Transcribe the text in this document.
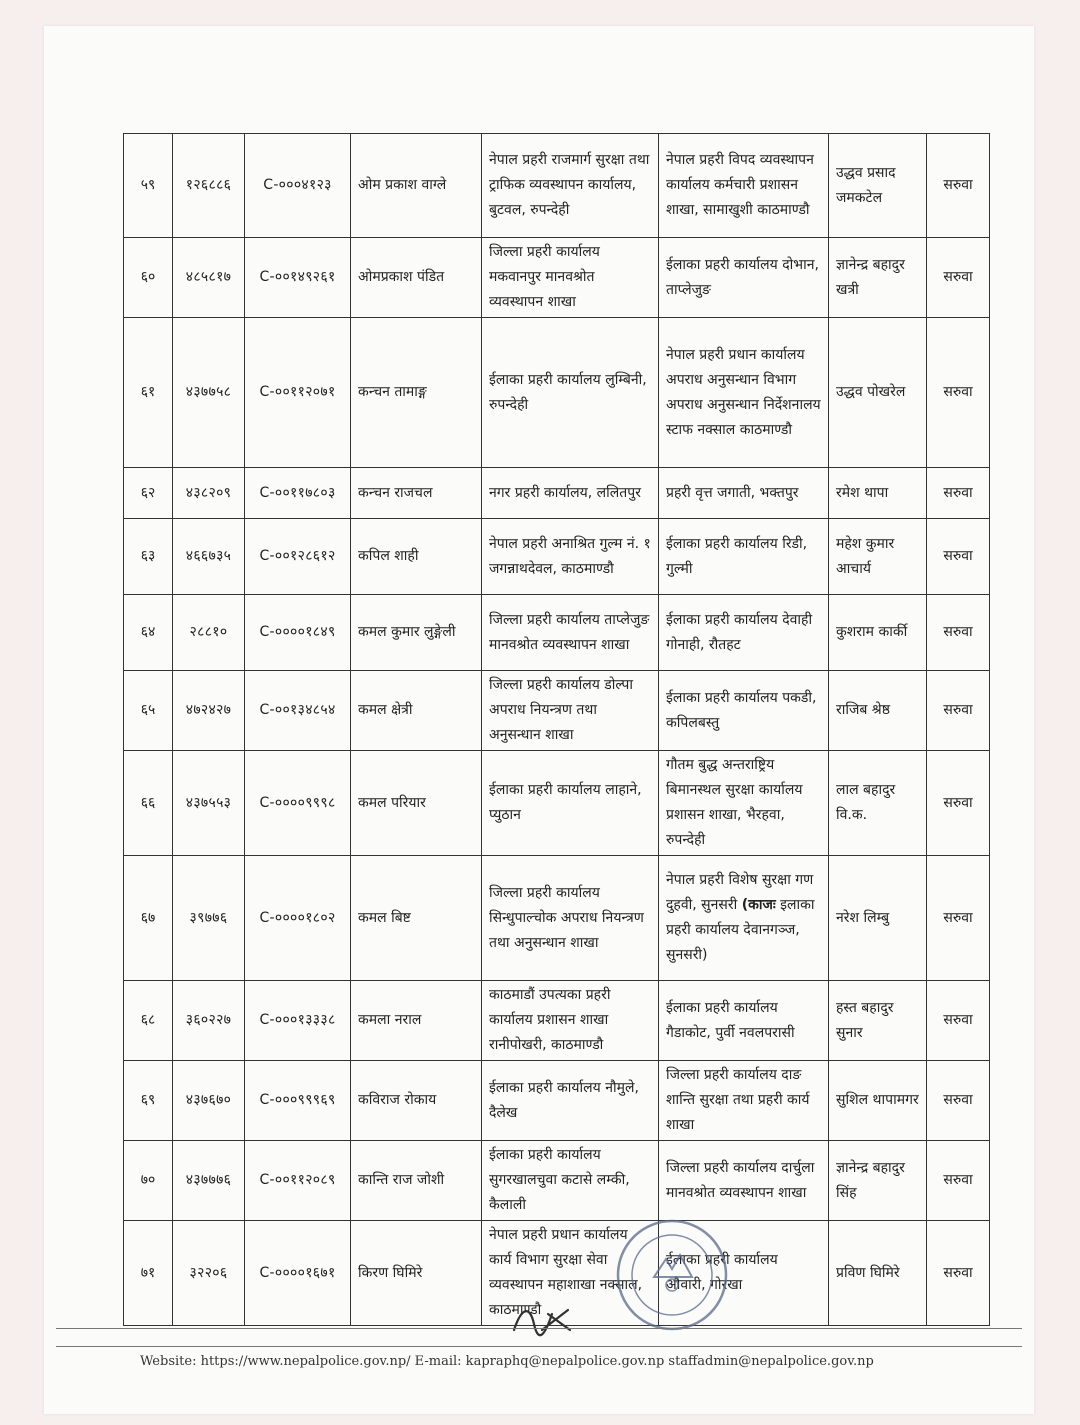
५९	१२६८८६	C-०००४१२३	ओम प्रकाश वाग्ले	नेपाल प्रहरी राजमार्ग सुरक्षा तथा ट्राफिक व्यवस्थापन कार्यालय, बुटवल, रुपन्देही	नेपाल प्रहरी विपद व्यवस्थापन कार्यालय कर्मचारी प्रशासन शाखा, सामाखुशी काठमाण्डौ	उद्धव प्रसाद जमकटेल	सरुवा
६०	४८५८१७	C-००१४९२६१	ओमप्रकाश पंडित	जिल्ला प्रहरी कार्यालय मकवानपुर मानवश्रोत व्यवस्थापन शाखा	ईलाका प्रहरी कार्यालय दोभान, ताप्लेजुङ	ज्ञानेन्द्र बहादुर खत्री	सरुवा
६१	४३७७५८	C-००११२०७१	कन्चन तामाङ्ग	ईलाका प्रहरी कार्यालय लुम्बिनी, रुपन्देही	नेपाल प्रहरी प्रधान कार्यालय अपराध अनुसन्धान विभाग अपराध अनुसन्धान निर्देशनालय स्टाफ नक्साल काठमाण्डौ	उद्धव पोखरेल	सरुवा
६२	४३८२०९	C-००११७८०३	कन्चन राजचल	नगर प्रहरी कार्यालय, ललितपुर	प्रहरी वृत्त जगाती, भक्तपुर	रमेश थापा	सरुवा
६३	४६६७३५	C-००१२८६१२	कपिल शाही	नेपाल प्रहरी अनाश्रित गुल्म नं. १ जगन्नाथदेवल, काठमाण्डौ	ईलाका प्रहरी कार्यालय रिडी, गुल्मी	महेश कुमार आचार्य	सरुवा
६४	२८८१०	C-००००१८४९	कमल कुमार लुङ्गेली	जिल्ला प्रहरी कार्यालय ताप्लेजुङ मानवश्रोत व्यवस्थापन शाखा	ईलाका प्रहरी कार्यालय देवाही गोनाही, रौतहट	कुशराम कार्की	सरुवा
६५	४७२४२७	C-००१३४८५४	कमल क्षेत्री	जिल्ला प्रहरी कार्यालय डोल्पा अपराध नियन्त्रण तथा अनुसन्धान शाखा	ईलाका प्रहरी कार्यालय पकडी, कपिलबस्तु	राजिब श्रेष्ठ	सरुवा
६६	४३७५५३	C-००००९९९८	कमल परियार	ईलाका प्रहरी कार्यालय लाहाने, प्युठान	गौतम बुद्ध अन्तराष्ट्रिय बिमानस्थल सुरक्षा कार्यालय प्रशासन शाखा, भैरहवा, रुपन्देही	लाल बहादुर वि.क.	सरुवा
६७	३९७७६	C-००००१८०२	कमल बिष्ट	जिल्ला प्रहरी कार्यालय सिन्धुपाल्चोक अपराध नियन्त्रण तथा अनुसन्धान शाखा	नेपाल प्रहरी विशेष सुरक्षा गण दुहवी, सुनसरी (काजः इलाका प्रहरी कार्यालय देवानगञ्ज, सुनसरी)	नरेश लिम्बु	सरुवा
६८	३६०२२७	C-०००१३३३८	कमला नराल	काठमाडौं उपत्यका प्रहरी कार्यालय प्रशासन शाखा रानीपोखरी, काठमाण्डौ	ईलाका प्रहरी कार्यालय गैडाकोट, पुर्वी नवलपरासी	हस्त बहादुर सुनार	सरुवा
६९	४३७६७०	C-०००९९९६९	कविराज रोकाय	ईलाका प्रहरी कार्यालय नौमुले, दैलेख	जिल्ला प्रहरी कार्यालय दाङ शान्ति सुरक्षा तथा प्रहरी कार्य शाखा	सुशिल थापामगर	सरुवा
७०	४३७७७६	C-००११२०८९	कान्ति राज जोशी	ईलाका प्रहरी कार्यालय सुगरखालचुवा कटासे लम्की, कैलाली	जिल्ला प्रहरी कार्यालय दार्चुला मानवश्रोत व्यवस्थापन शाखा	ज्ञानेन्द्र बहादुर सिंह	सरुवा
७१	३२२०६	C-००००१६७१	किरण घिमिरे	नेपाल प्रहरी प्रधान कार्यालय कार्य विभाग सुरक्षा सेवा व्यवस्थापन महाशाखा नक्साल, काठमाण्डौ	ईलाका प्रहरी कार्यालय औवारी, गोरखा	प्रविण घिमिरे	सरुवा
Website: https://www.nepalpolice.gov.np/ E-mail: kapraphq@nepalpolice.gov.np staffadmin@nepalpolice.gov.np
